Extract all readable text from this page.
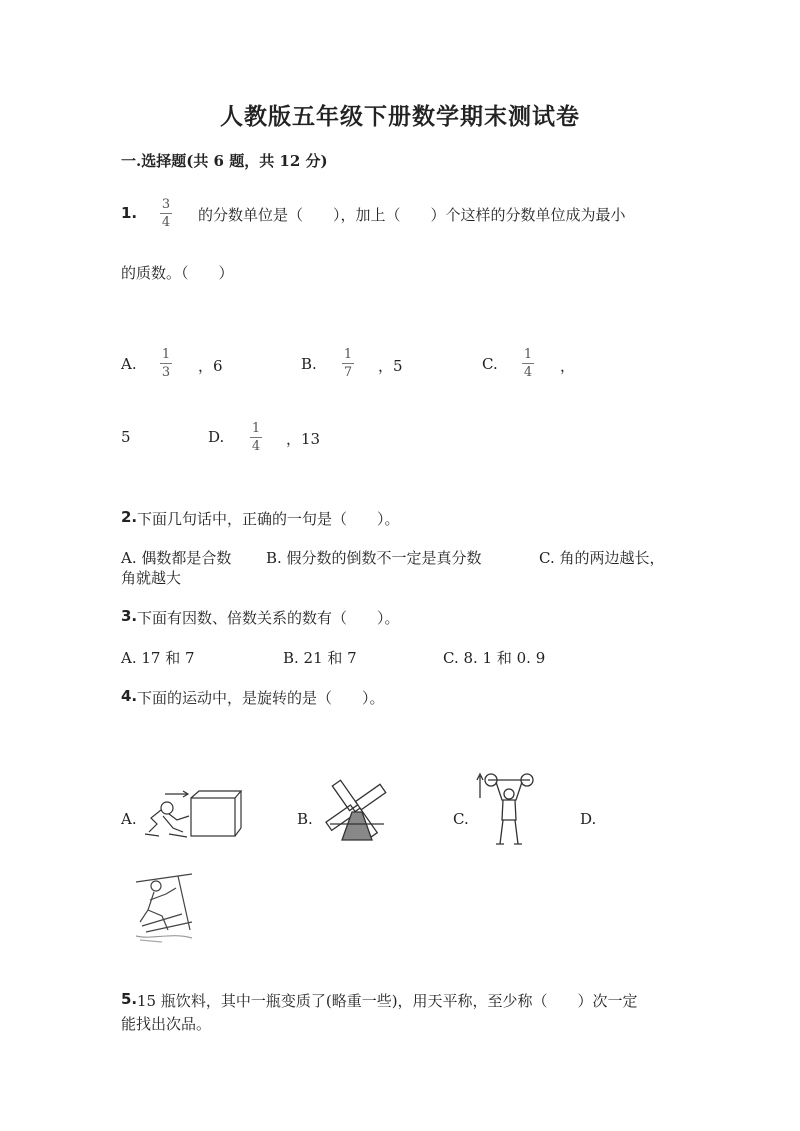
人教版五年级下册数学期末测试卷
一.选择题(共 6 题，共 12 分)
1. 3
4 的分数单位是（　　），加上（　　）个这样的分数单位成为最小
的质数。（　　）
A.
1
3 ，6	B.
1
7 ，5	C.
1
4 ，
5	D. 1
4 ，13
2. 下面几句话中，正确的一句是（　　）。
A. 偶数都是合数 B. 假分数的倒数不一定是真分数	C. 角的两边越长，
角就越大
3. 下面有因数、倍数关系的数有（　　）。
A. 17 和 7	B. 21 和 7	C. 8. 1 和 0. 9
4. 下面的运动中，是旋转的是（　　）。
A.	B.	C.	D.
5. 15 瓶饮料，其中一瓶变质了(略重一些)，用天平称，至少称（　　）次一定
能找出次品。
